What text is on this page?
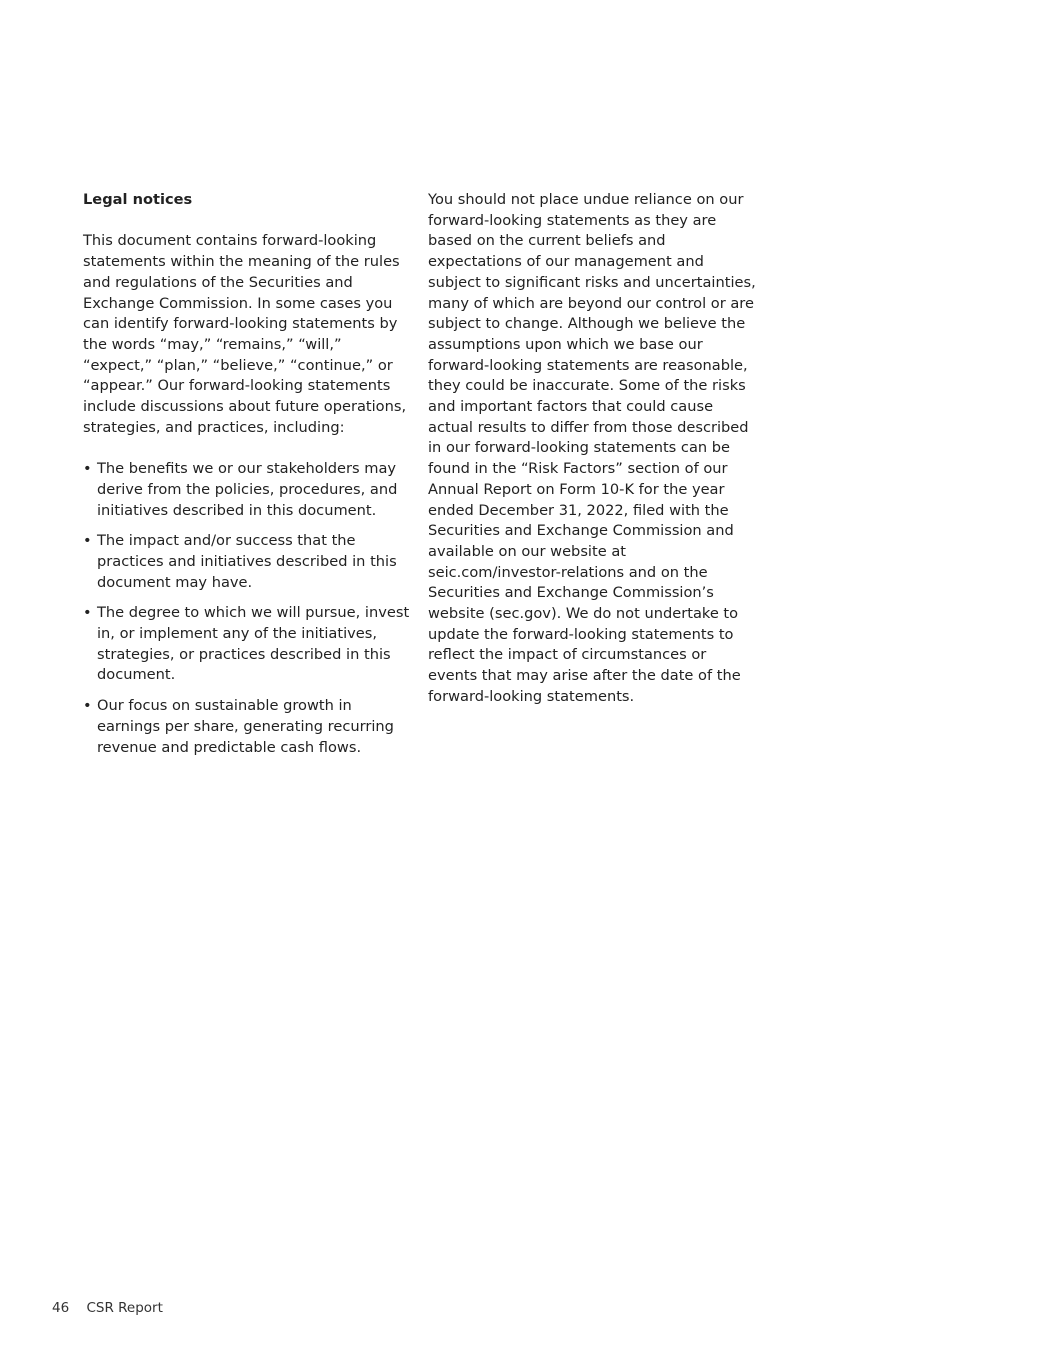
Legal notices

This document contains forward-looking statements within the meaning of the rules and regulations of the Securities and Exchange Commission. In some cases you can identify forward-looking statements by the words “may,” “remains,” “will,” “expect,” “plan,” “believe,” “continue,” or “appear.” Our forward-looking statements include discussions about future operations, strategies, and practices, including:

• The benefits we or our stakeholders may derive from the policies, procedures, and initiatives described in this document.
• The impact and/or success that the practices and initiatives described in this document may have.
• The degree to which we will pursue, invest in, or implement any of the initiatives, strategies, or practices described in this document.
• Our focus on sustainable growth in earnings per share, generating recurring revenue and predictable cash flows.

You should not place undue reliance on our forward-looking statements as they are based on the current beliefs and expectations of our management and subject to significant risks and uncertainties, many of which are beyond our control or are subject to change. Although we believe the assumptions upon which we base our forward-looking statements are reasonable, they could be inaccurate. Some of the risks and important factors that could cause actual results to differ from those described in our forward-looking statements can be found in the “Risk Factors” section of our Annual Report on Form 10-K for the year ended December 31, 2022, filed with the Securities and Exchange Commission and available on our website at seic.com/investor-relations and on the Securities and Exchange Commission’s website (sec.gov). We do not undertake to update the forward-looking statements to reflect the impact of circumstances or events that may arise after the date of the forward-looking statements.

46 CSR Report
